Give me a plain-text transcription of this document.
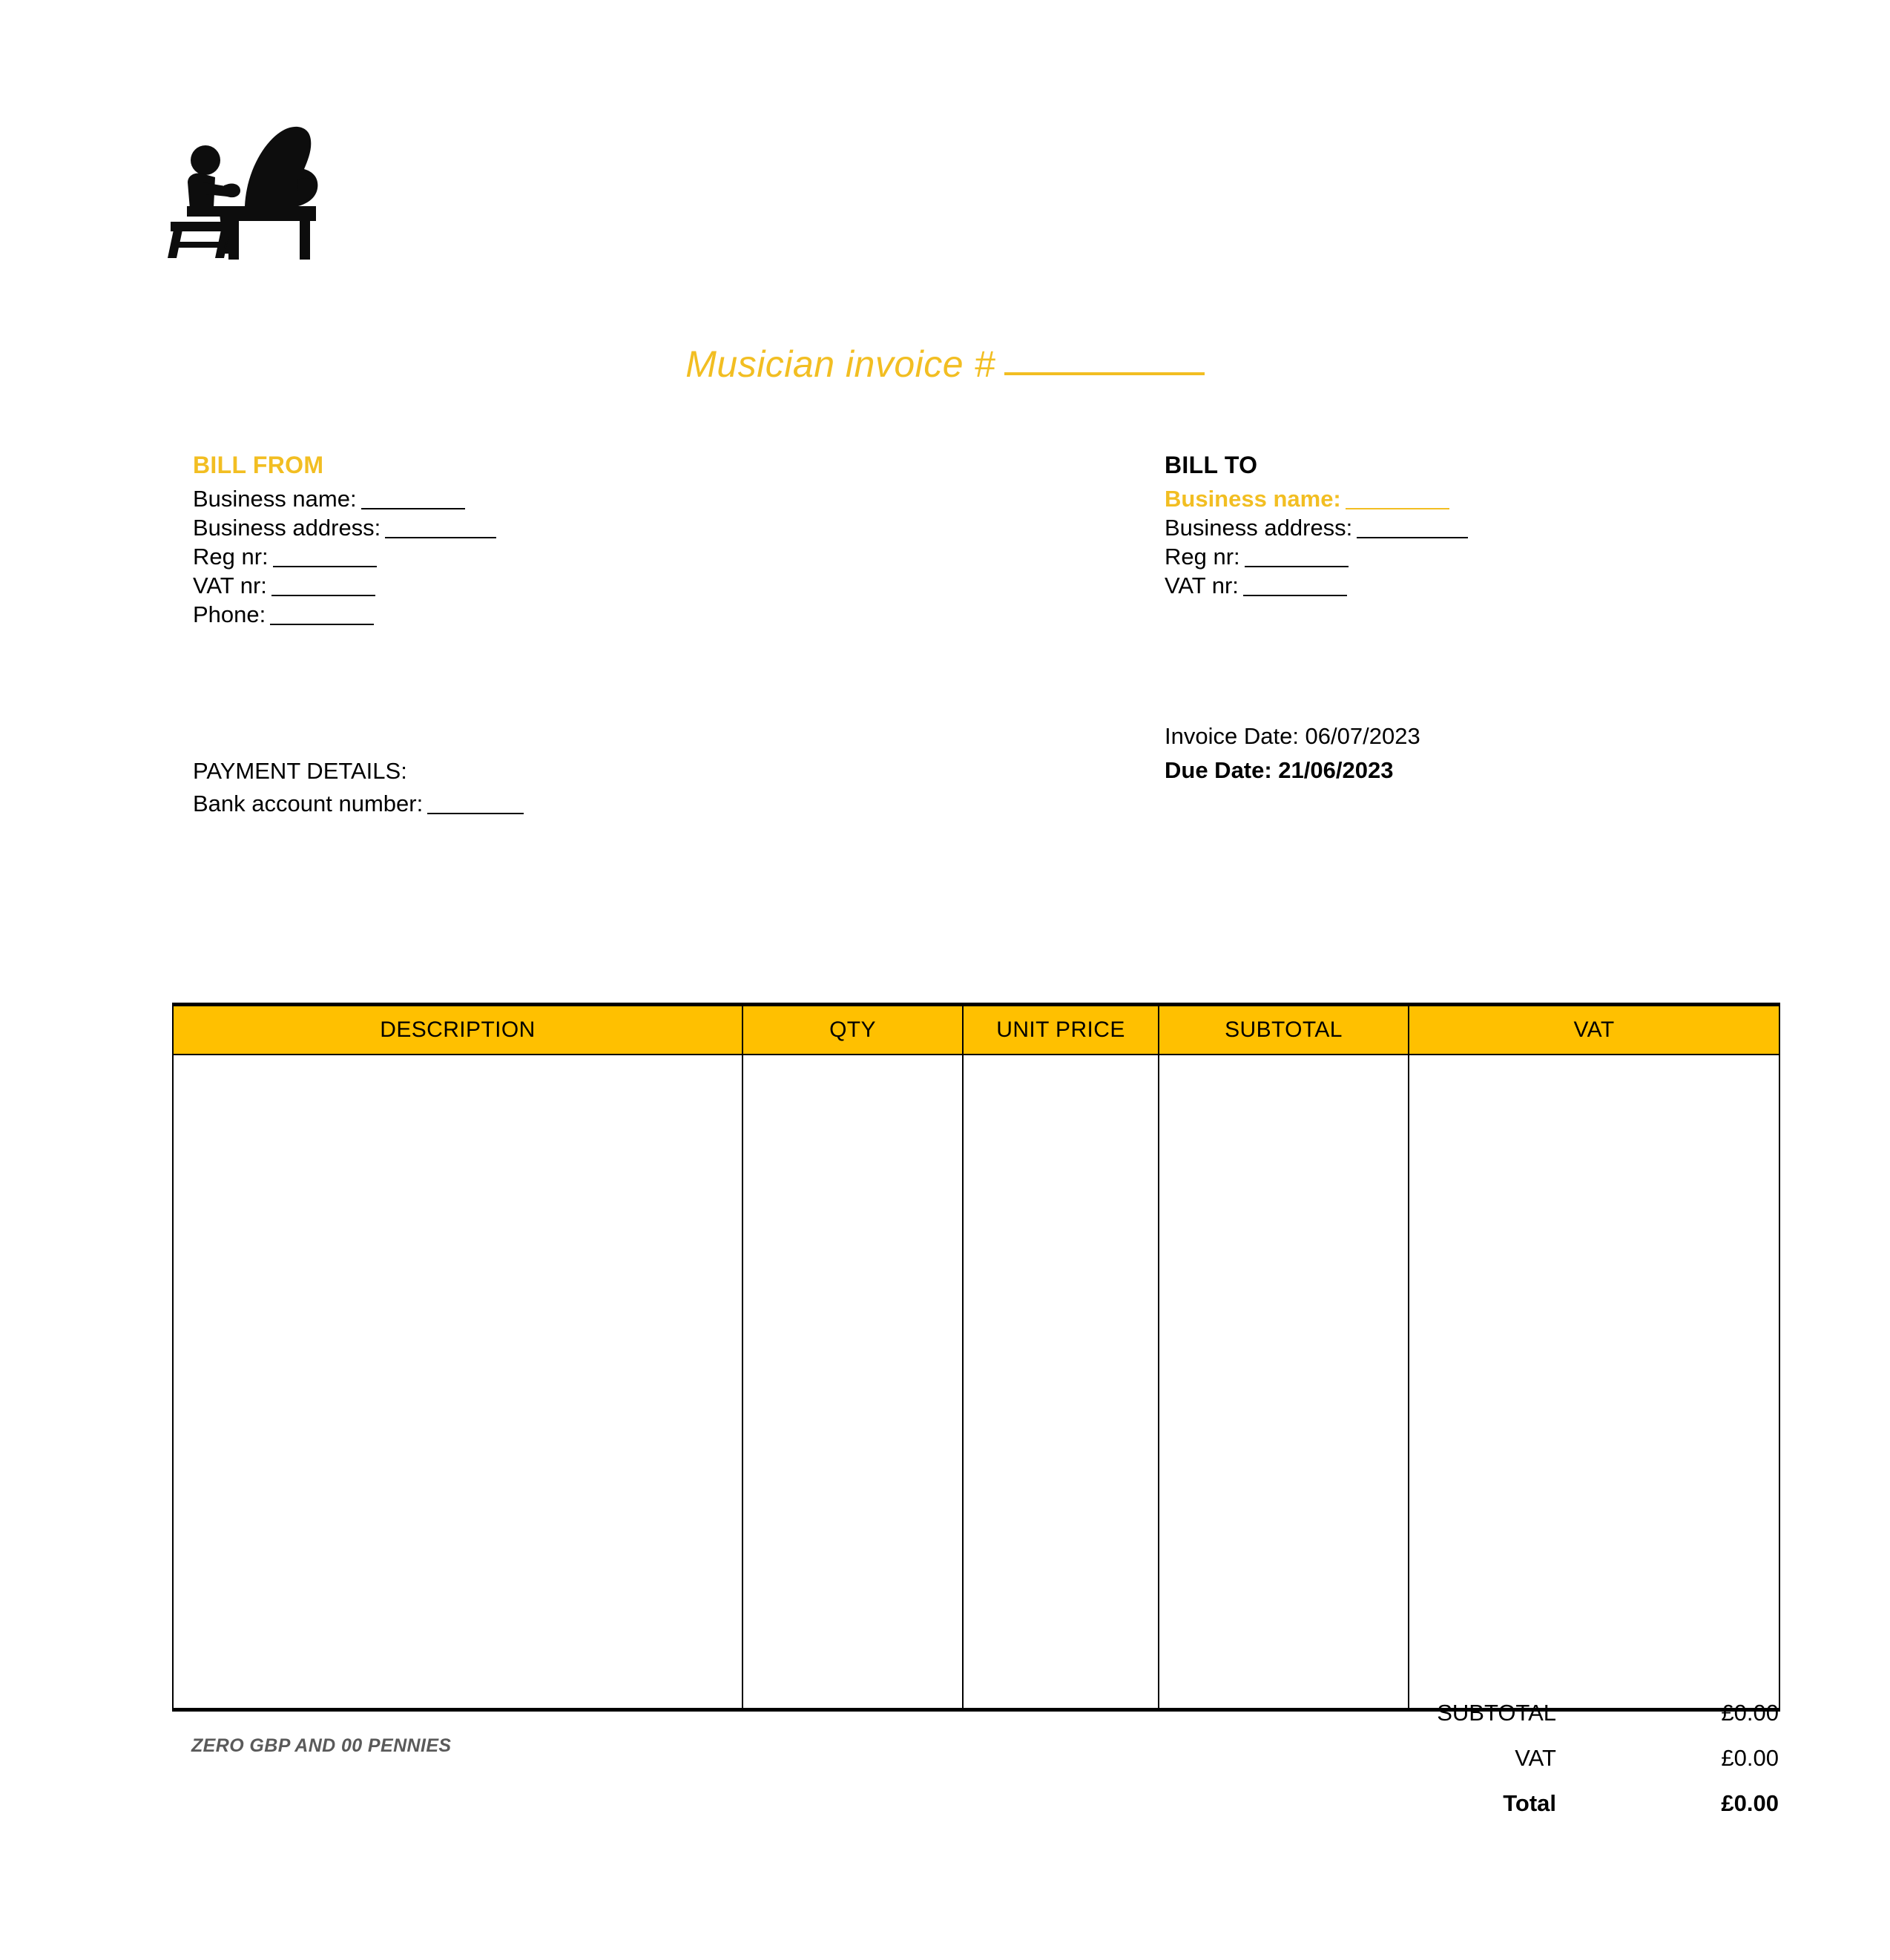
Musician invoice #
BILL FROM
Business name:
Business address:
Reg nr:
VAT nr:
Phone:
BILL TO
Business name:
Business address:
Reg nr:
VAT nr:
Invoice Date: 06/07/2023
Due Date: 21/06/2023
PAYMENT DETAILS:
Bank account number:
DESCRIPTION	QTY	UNIT PRICE	SUBTOTAL	VAT

SUBTOTAL	£0.00
VAT	£0.00
Total	£0.00
ZERO GBP AND 00 PENNIES
